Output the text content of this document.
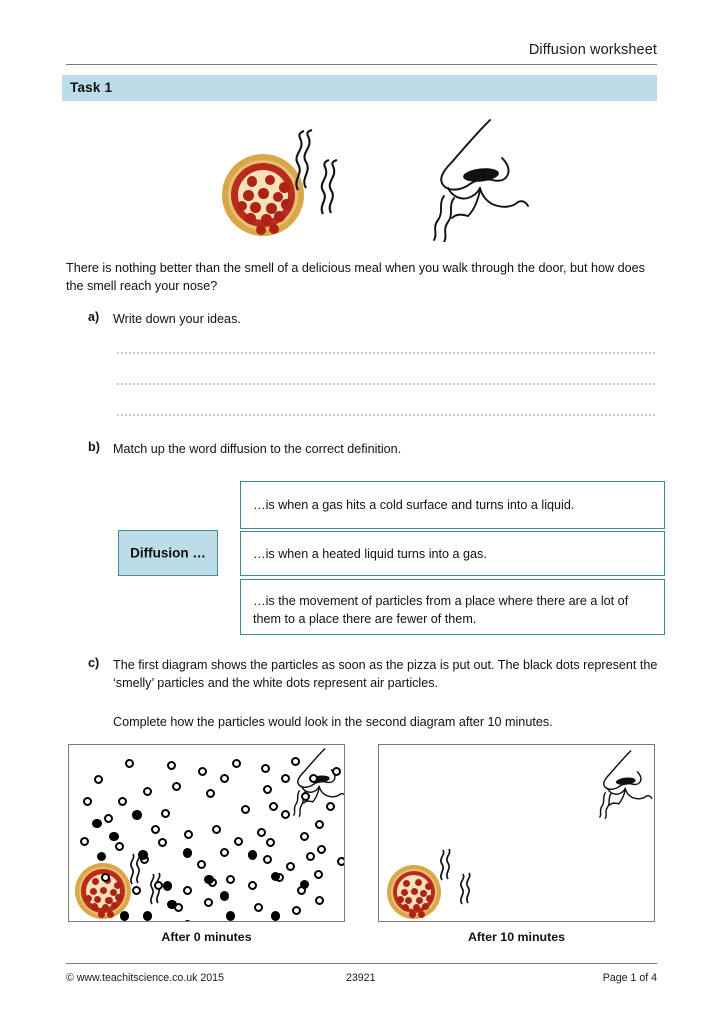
Diffusion worksheet
Task 1
There is nothing better than the smell of a delicious meal when you walk through the door, but how does the smell reach your nose?
a) Write down your ideas.
b) Match up the word diffusion to the correct definition.
Diffusion …
…is when a gas hits a cold surface and turns into a liquid.
…is when a heated liquid turns into a gas.
…is the movement of particles from a place where there are a lot of them to a place there are fewer of them.
c) The first diagram shows the particles as soon as the pizza is put out. The black dots represent the ‘smelly’ particles and the white dots represent air particles.
Complete how the particles would look in the second diagram after 10 minutes.
After 0 minutes	After 10 minutes
© www.teachitscience.co.uk 2015	23921	Page 1 of 4
